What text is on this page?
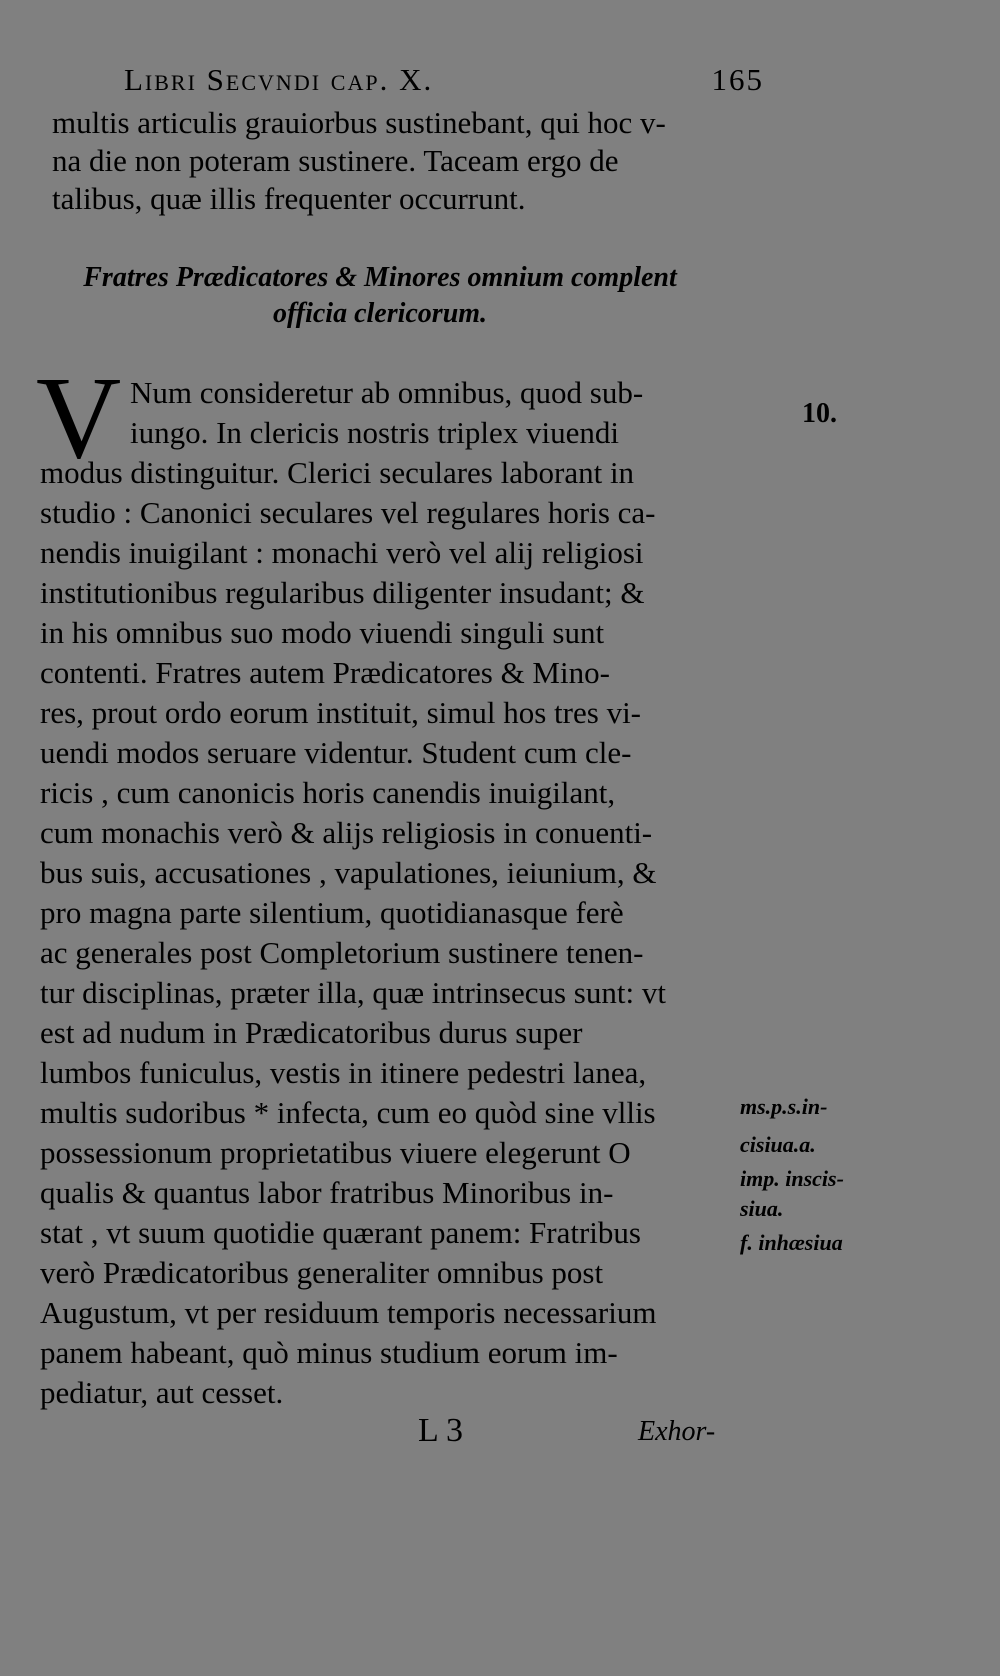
Libri Secvndi cap. X.	165
multis articulis grauiorbus sustinebant, qui hoc v-
na die non poteram sustinere. Taceam ergo de
talibus, quæ illis frequenter occurrunt.
Fratres Prædicatores & Minores omnium complent
officia clericorum.
V Num consideretur ab omnibus, quod sub-
iungo. In clericis nostris triplex viuendi
modus distinguitur. Clerici seculares laborant in
studio : Canonici seculares vel regulares horis ca-
nendis inuigilant : monachi verò vel alij religiosi
institutionibus regularibus diligenter insudant; &
in his omnibus suo modo viuendi singuli sunt
contenti. Fratres autem Prædicatores & Mino-
res, prout ordo eorum instituit, simul hos tres vi-
uendi modos seruare videntur. Student cum cle-
ricis , cum canonicis horis canendis inuigilant,
cum monachis verò & alijs religiosis in conuenti-
bus suis, accusationes , vapulationes, ieiunium, &
pro magna parte silentium, quotidianasque ferè
ac generales post Completorium sustinere tenen-
tur disciplinas, præter illa, quæ intrinsecus sunt: vt
est ad nudum in Prædicatoribus durus super
lumbos funiculus, vestis in itinere pedestri lanea,
multis sudoribus * infecta, cum eo quòd sine vllis
possessionum proprietatibus viuere elegerunt O
qualis & quantus labor fratribus Minoribus in-
stat , vt suum quotidie quærant panem: Fratribus
verò Prædicatoribus generaliter omnibus post
Augustum, vt per residuum temporis necessarium
panem habeant, quò minus studium eorum im-
pediatur, aut cesset.
10.
ms.p.s.in-
cisiua.a.
imp. inscis-
siua.
f. inhæsiua
L 3	Exhor-
